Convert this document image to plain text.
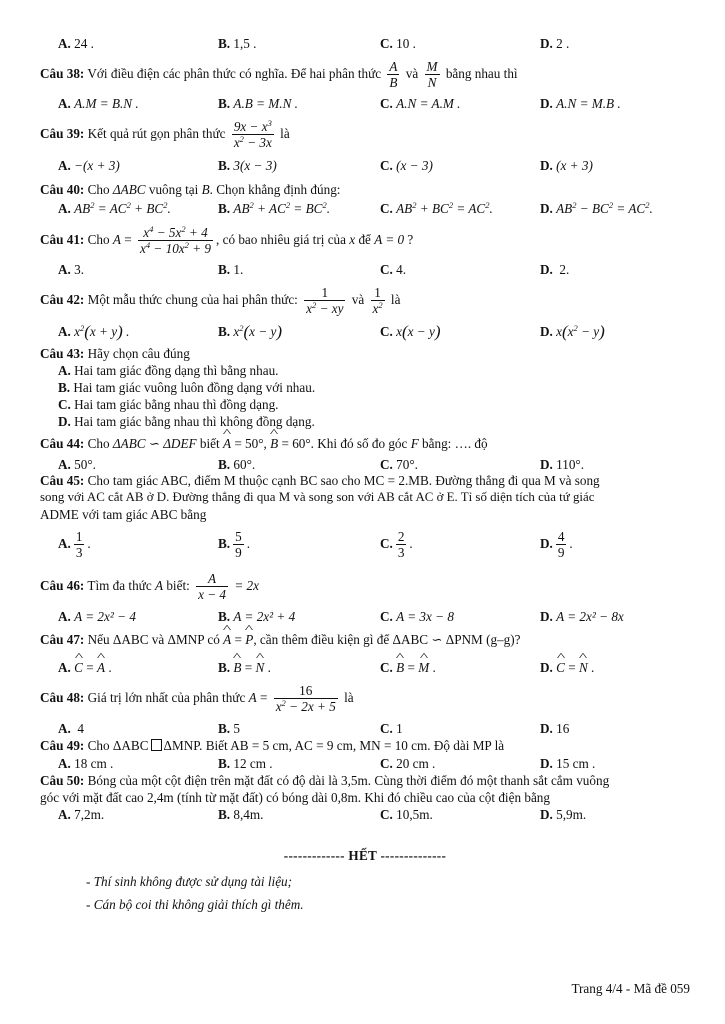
A. 24 .	B. 1,5 .	C. 10 .	D. 2 .
Câu 38: Với điều điện các phân thức có nghĩa. Để hai phân thức $\frac{A}{B}$ và $\frac{M}{N}$ bằng nhau thì
A. A.M = B.N .	B. A.B = M.N .	C. A.N = A.M .	D. A.N = M.B .
Câu 39: Kết quả rút gọn phân thức $\frac{9x - x^3}{x^2 - 3x}$ là
A. −(x + 3)	B. 3(x − 3)	C. (x − 3)	D. (x + 3)
Câu 40: Cho ΔABC vuông tại B. Chọn khẳng định đúng:
A. $AB^2 = AC^2 + BC^2$.	B. $AB^2 + AC^2 = BC^2$.	C. $AB^2 + BC^2 = AC^2$.	D. $AB^2 - BC^2 = AC^2$.
Câu 41: Cho $A = \frac{x^4 - 5x^2 + 4}{x^4 - 10x^2 + 9}$ , có bao nhiêu giá trị của x để A = 0 ?
A. 3.	B. 1.	C. 4.	D. 2.
Câu 42: Một mẫu thức chung của hai phân thức: $\frac{1}{x^2 - xy}$ và $\frac{1}{x^2}$ là
A. $x^2(x + y)$ .	B. $x^2(x - y)$	C. x(x − y)	D. $x(x^2 - y)$
Câu 43: Hãy chọn câu đúng
A. Hai tam giác đồng dạng thì bằng nhau.
B. Hai tam giác vuông luôn đồng dạng với nhau.
C. Hai tam giác bằng nhau thì đồng dạng.
D. Hai tam giác bằng nhau thì không đồng dạng.
Câu 44: Cho ΔABC ∽ ΔDEF biết ^ A = 50°, ^ B = 60°. Khi đó số đo góc F bằng: …. độ
A. 50°.	B. 60°.	C. 70°.	D. 110°.
Câu 45: Cho tam giác ABC, điểm M thuộc cạnh BC sao cho MC = 2.MB. Đường thẳng đi qua M và song
song với AC cắt AB ở D. Đường thẳng đi qua M và song son với AB cắt AC ở E. Tỉ số diện tích của tứ giác
ADME với tam giác ABC bằng
A. $\frac{1}{3}$ .	B. $\frac{5}{9}$ .	C. $\frac{2}{3}$ .	D. $\frac{4}{9}$ .
Câu 46: Tìm đa thức A biết: $\frac{A}{x - 4} = 2x$
A. A = 2x² − 4	B. A = 2x² + 4	C. A = 3x − 8	D. A = 2x² − 8x
Câu 47: Nếu ΔABC và ΔMNP có ^ A = ^ P, cần thêm điều kiện gì để ΔABC ∽ ΔPNM (g–g)?
A. ^ C = ^ A .	B. ^ B = ^ N .	C. ^ B = ^ M .	D. ^ C = ^ N .
Câu 48: Giá trị lớn nhất của phân thức $A = \frac{16}{x^2 - 2x + 5}$ là
A. 4	B. 5	C. 1	D. 16
Câu 49: Cho ΔABC ΔMNP. Biết AB = 5 cm, AC = 9 cm, MN = 10 cm. Độ dài MP là
A. 18 cm .	B. 12 cm .	C. 20 cm .	D. 15 cm .
Câu 50: Bóng của một cột điện trên mặt đất có độ dài là 3,5m. Cùng thời điểm đó một thanh sắt cắm vuông
góc với mặt đất cao 2,4m (tính từ mặt đất) có bóng dài 0,8m. Khi đó chiều cao của cột điện bằng
A. 7,2m.	B. 8,4m.	C. 10,5m.	D. 5,9m.
------------- HẾT --------------
- Thí sinh không được sử dụng tài liệu;
- Cán bộ coi thi không giải thích gì thêm.
Trang 4/4 - Mã đề 059
